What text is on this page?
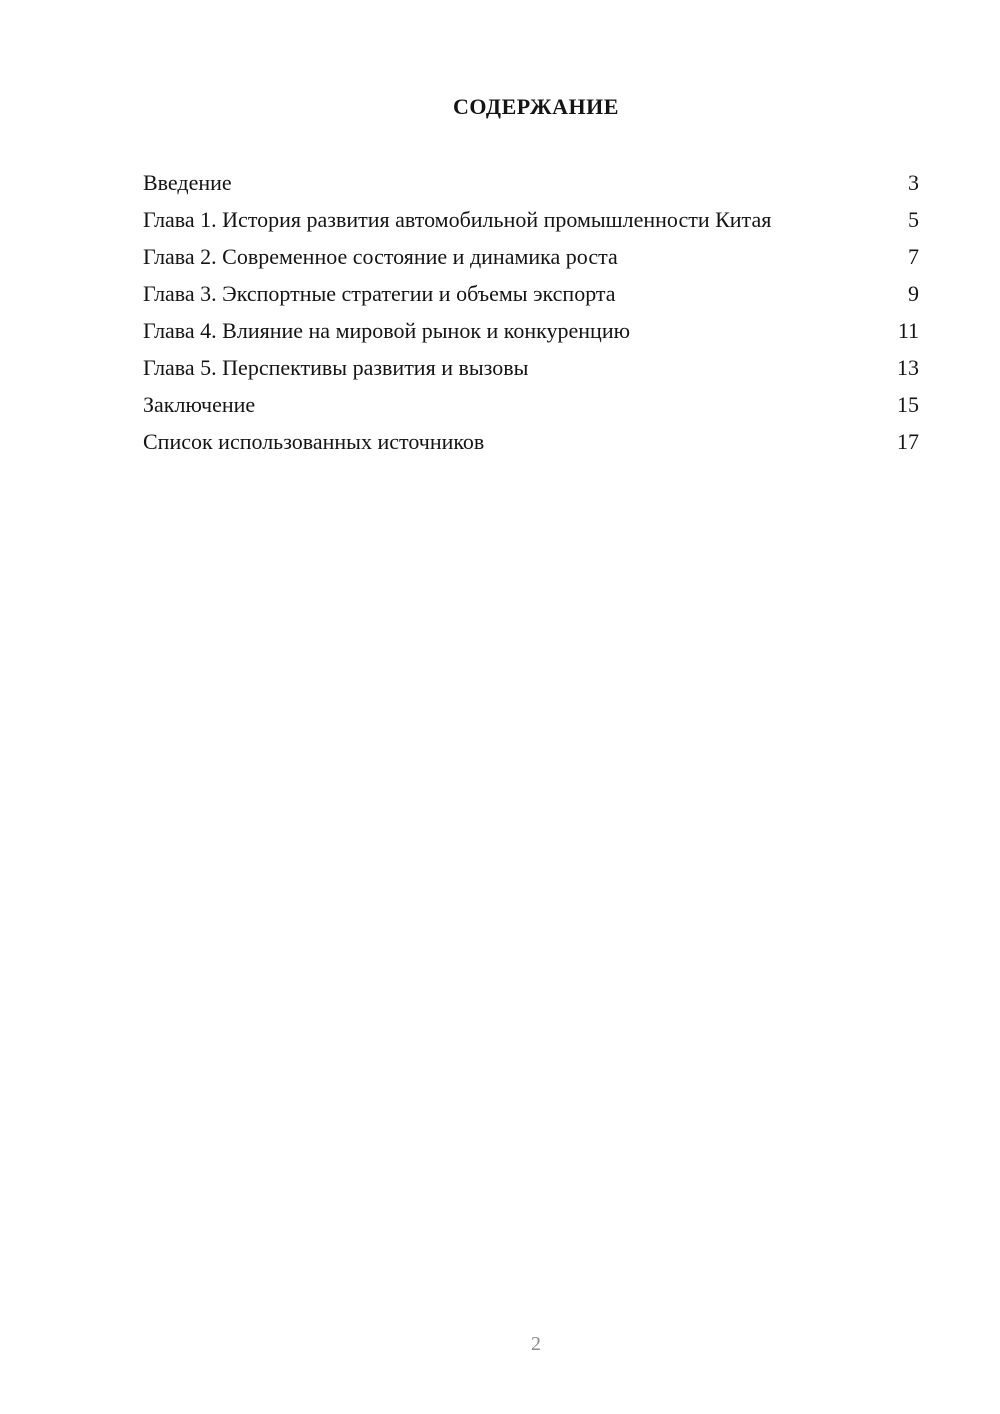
СОДЕРЖАНИЕ
Введение	3
Глава 1. История развития автомобильной промышленности Китая	5
Глава 2. Современное состояние и динамика роста	7
Глава 3. Экспортные стратегии и объемы экспорта	9
Глава 4. Влияние на мировой рынок и конкуренцию	11
Глава 5. Перспективы развития и вызовы	13
Заключение	15
Список использованных источников	17
2
